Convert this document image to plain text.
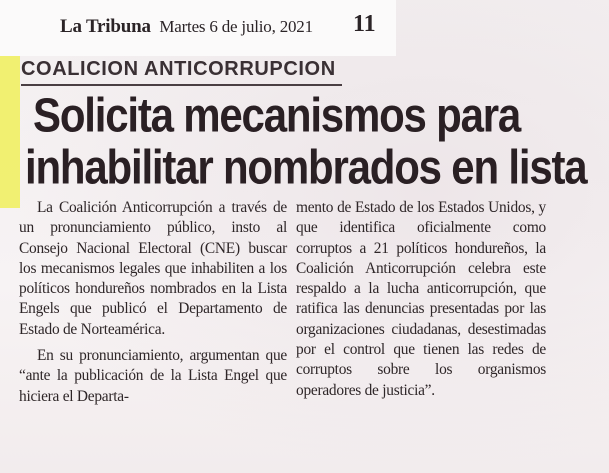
La Tribuna Martes 6 de julio, 2021 11
COALICION ANTICORRUPCION
Solicita mecanismos para
inhabilitar nombrados en lista

La Coalición Anticorrupción a través de un pronunciamiento público, insto al Consejo Nacional Electoral (CNE) buscar los mecanismos legales que inhabiliten a los políticos hondureños nombrados en la Lista Engels que publicó el Departamento de Estado de Norteamérica.

En su pronunciamiento, argumentan que “ante la publicación de la Lista Engel que hiciera el Departa-

mento de Estado de los Estados Unidos, y que identifica oficialmente como corruptos a 21 políticos hondureños, la Coalición Anticorrupción celebra este respaldo a la lucha anticorrupción, que ratifica las denuncias presentadas por las organizaciones ciudadanas, desestimadas por el control que tienen las redes de corruptos sobre los organismos operadores de justicia”.
